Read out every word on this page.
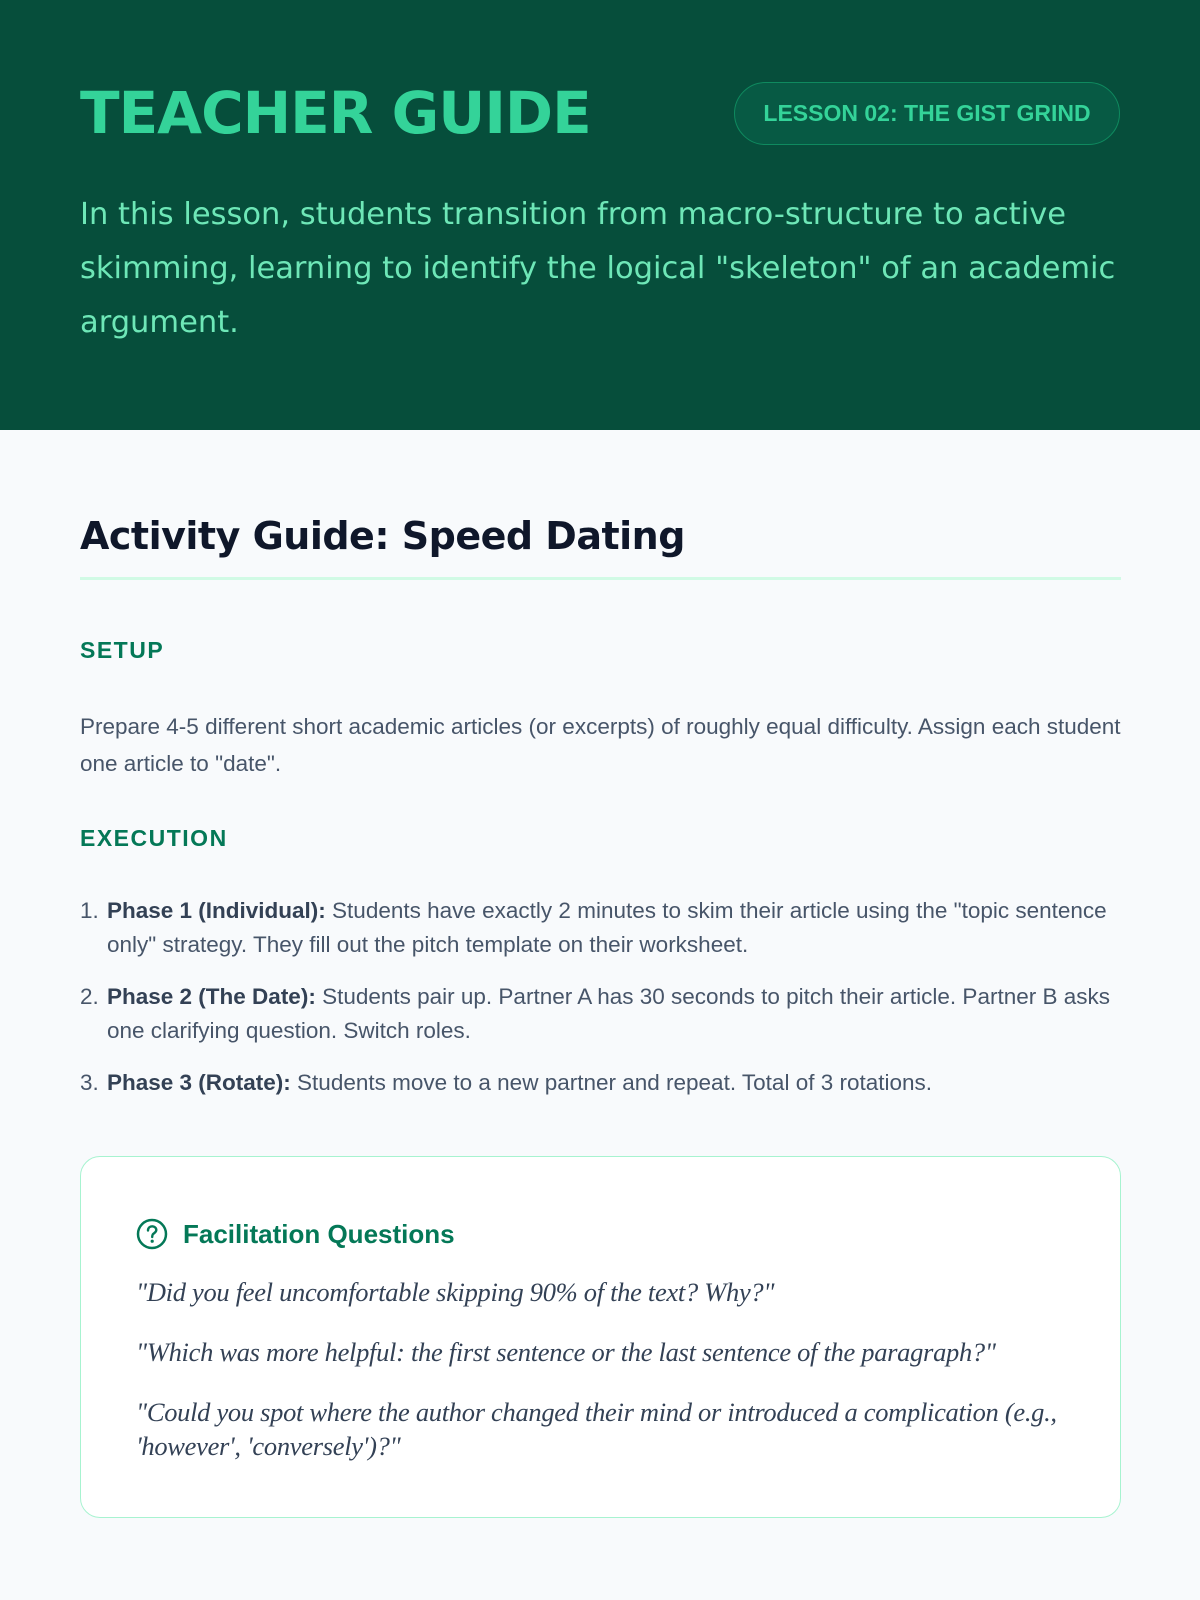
TEACHER GUIDE	LESSON 02: THE GIST GRIND

In this lesson, students transition from macro-structure to active skimming, learning to identify the logical "skeleton" of an academic argument.

Activity Guide: Speed Dating
SETUP

Prepare 4-5 different short academic articles (or excerpts) of roughly equal difficulty. Assign each student one article to "date".

EXECUTION
1. Phase 1 (Individual): Students have exactly 2 minutes to skim their article using the "topic sentence only" strategy. They fill out the pitch template on their worksheet.
2. Phase 2 (The Date): Students pair up. Partner A has 30 seconds to pitch their article. Partner B asks one clarifying question. Switch roles.
3. Phase 3 (Rotate): Students move to a new partner and repeat. Total of 3 rotations.
Facilitation Questions

"Did you feel uncomfortable skipping 90% of the text? Why?"

"Which was more helpful: the first sentence or the last sentence of the paragraph?"

"Could you spot where the author changed their mind or introduced a complication (e.g., 'however', 'conversely')?"
